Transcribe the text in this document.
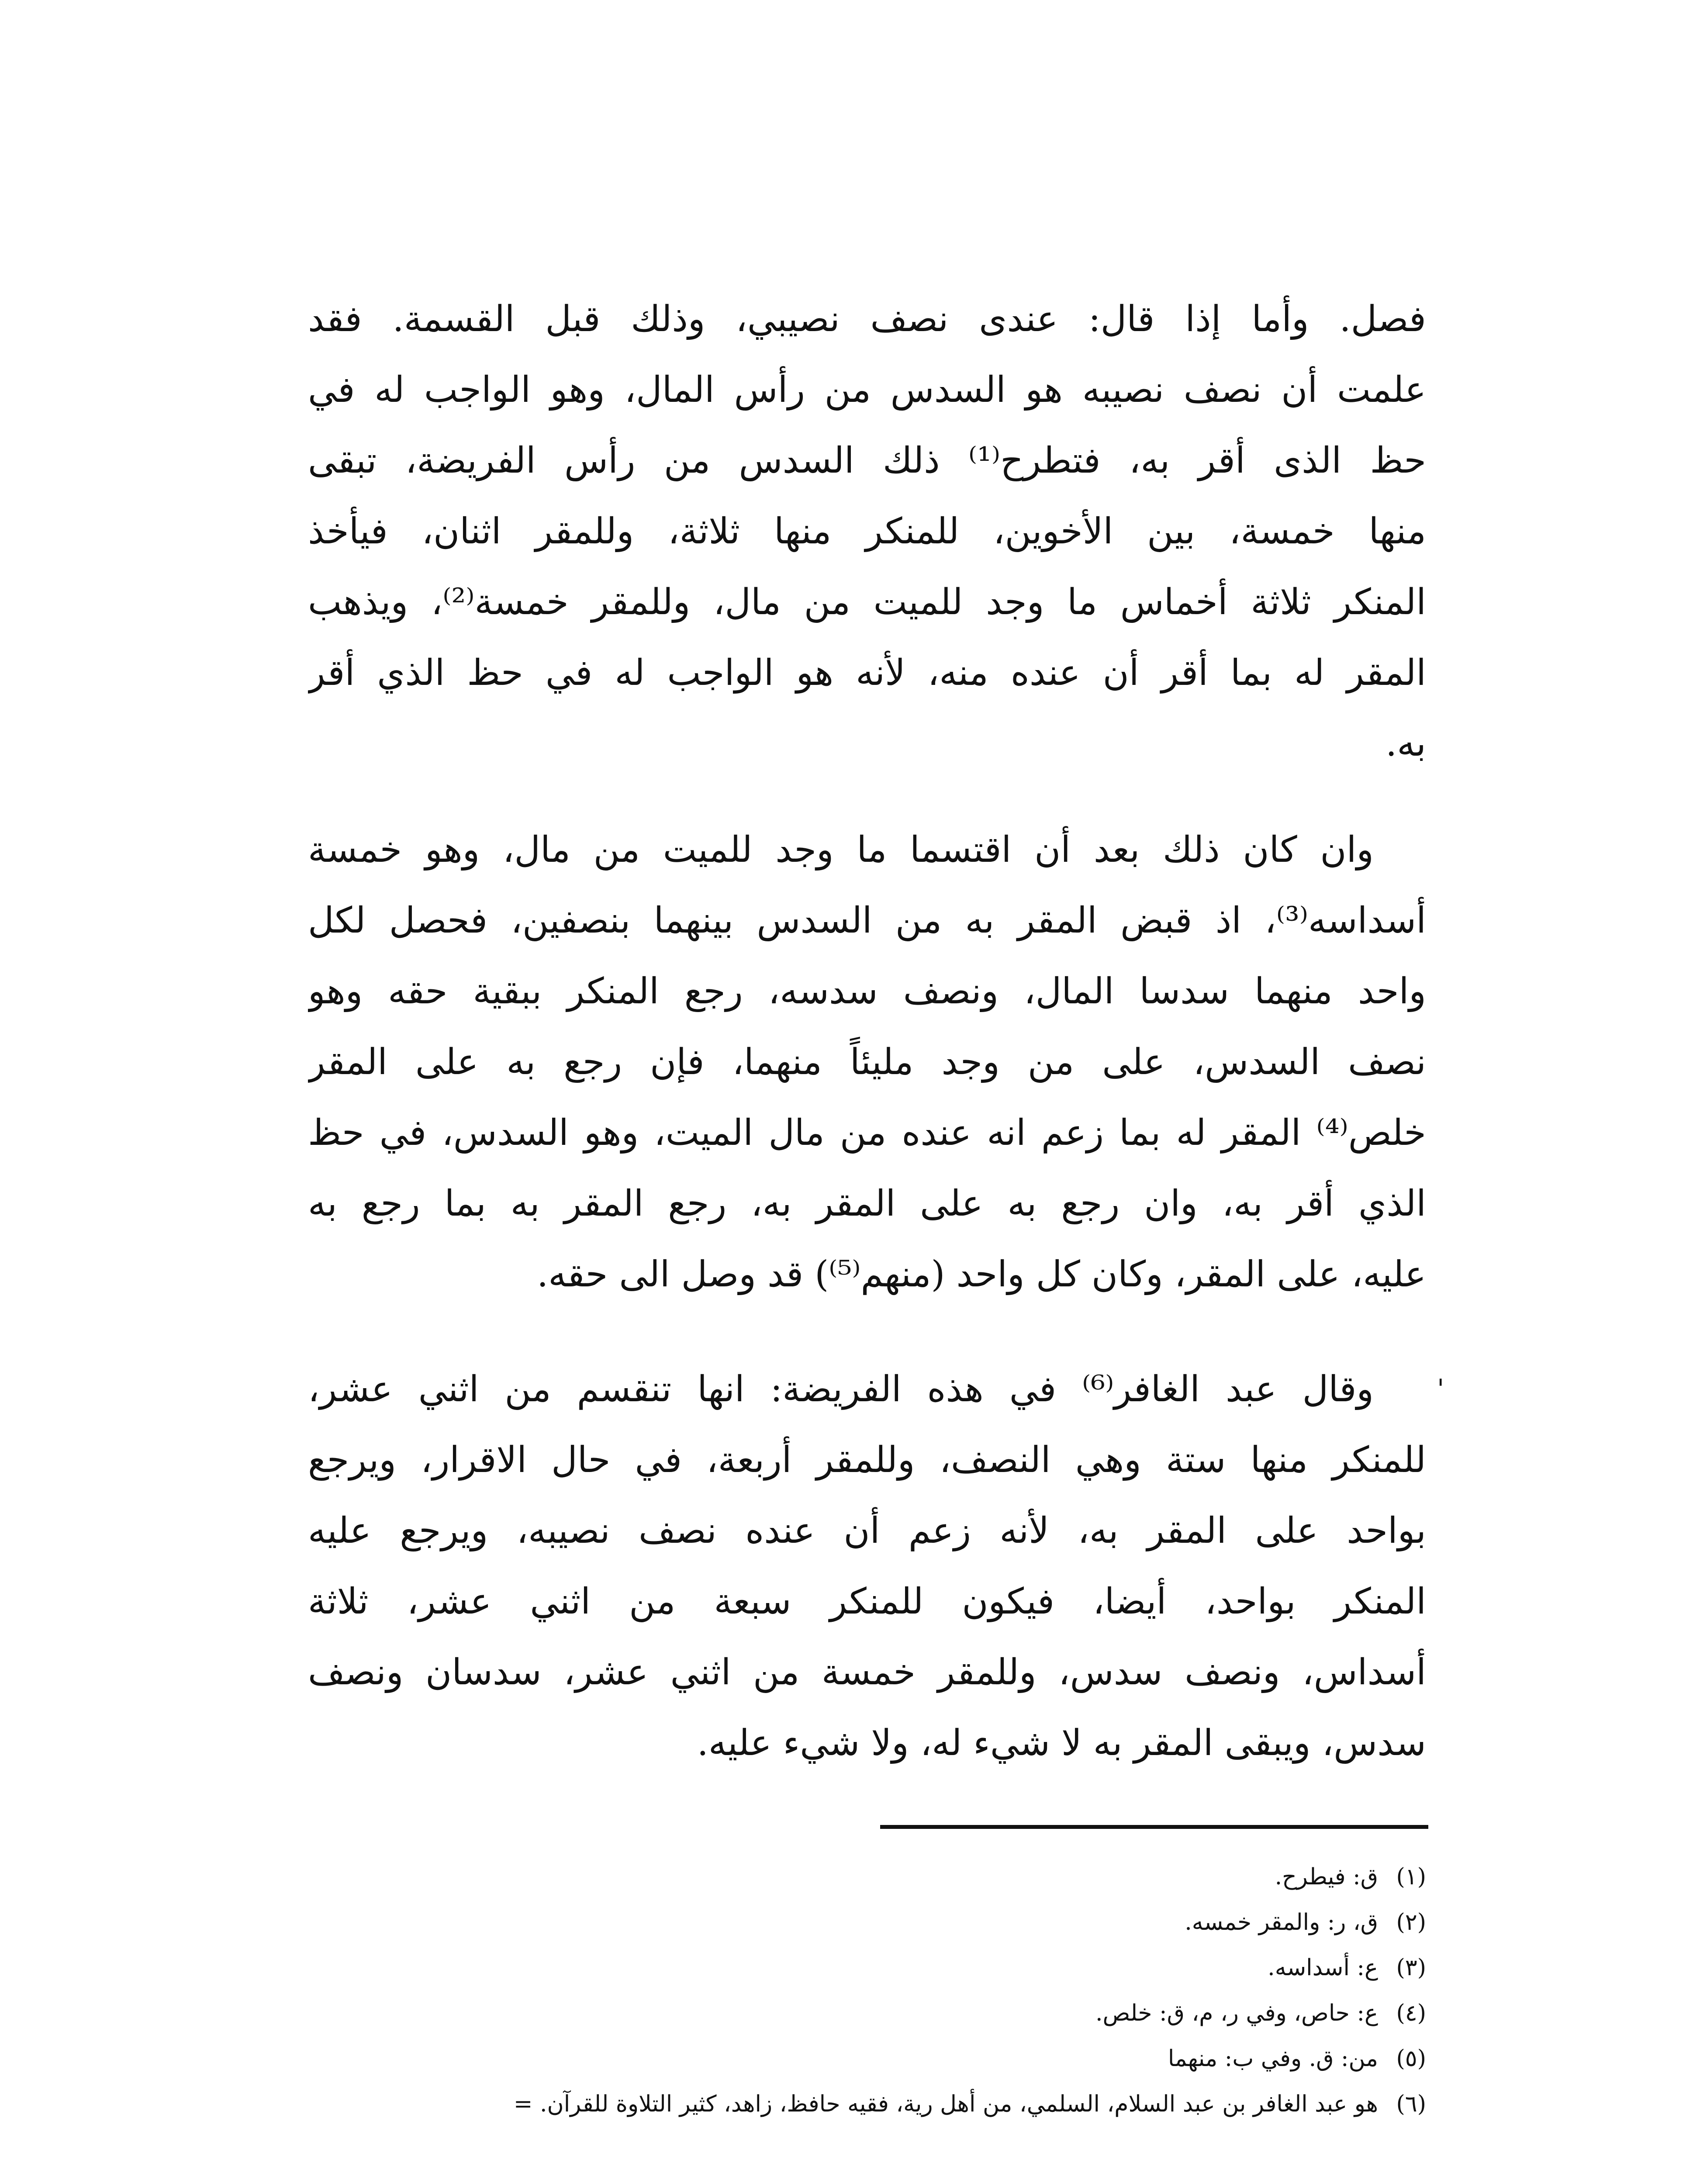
فصل. وأما إذا قال: عندى نصف نصيبي، وذلك قبل القسمة. فقد
علمت أن نصف نصيبه هو السدس من رأس المال، وهو الواجب له في
حظ الذى أقر به، فتطرح⁽¹⁾ ذلك السدس من رأس الفريضة، تبقى
منها خمسة، بين الأخوين، للمنكر منها ثلاثة، وللمقر اثنان، فيأخذ
المنكر ثلاثة أخماس ما وجد للميت من مال، وللمقر خمسة⁽²⁾، ويذهب
المقر له بما أقر أن عنده منه، لأنه هو الواجب له في حظ الذي أقر
به.
وان كان ذلك بعد أن اقتسما ما وجد للميت من مال، وهو خمسة
أسداسه⁽³⁾، اذ قبض المقر به من السدس بينهما بنصفين، فحصل لكل
واحد منهما سدسا المال، ونصف سدسه، رجع المنكر ببقية حقه وهو
نصف السدس، على من وجد مليئاً منهما، فإن رجع به على المقر
خلص⁽⁴⁾ المقر له بما زعم انه عنده من مال الميت، وهو السدس، في حظ
الذي أقر به، وان رجع به على المقر به، رجع المقر به بما رجع به
عليه، على المقر، وكان كل واحد (منهم⁽⁵⁾) قد وصل الى حقه.
'
وقال عبد الغافر⁽⁶⁾ في هذه الفريضة: انها تنقسم من اثني عشر،
للمنكر منها ستة وهي النصف، وللمقر أربعة، في حال الاقرار، ويرجع
بواحد على المقر به، لأنه زعم أن عنده نصف نصيبه، ويرجع عليه
المنكر بواحد، أيضا، فيكون للمنكر سبعة من اثني عشر، ثلاثة
أسداس، ونصف سدس، وللمقر خمسة من اثني عشر، سدسان ونصف
سدس، ويبقى المقر به لا شيء له، ولا شيء عليه.
(١)ق: فيطرح.
(٢)ق، ر: والمقر خمسه.
(٣)ع: أسداسه.
(٤)ع: حاص، وفي ر، م، ق: خلص.
(٥)من: ق. وفي ب: منهما
(٦)هو عبد الغافر بن عبد السلام، السلمي، من أهل رية، فقيه حافظ، زاهد، كثير التلاوة للقرآن. =
